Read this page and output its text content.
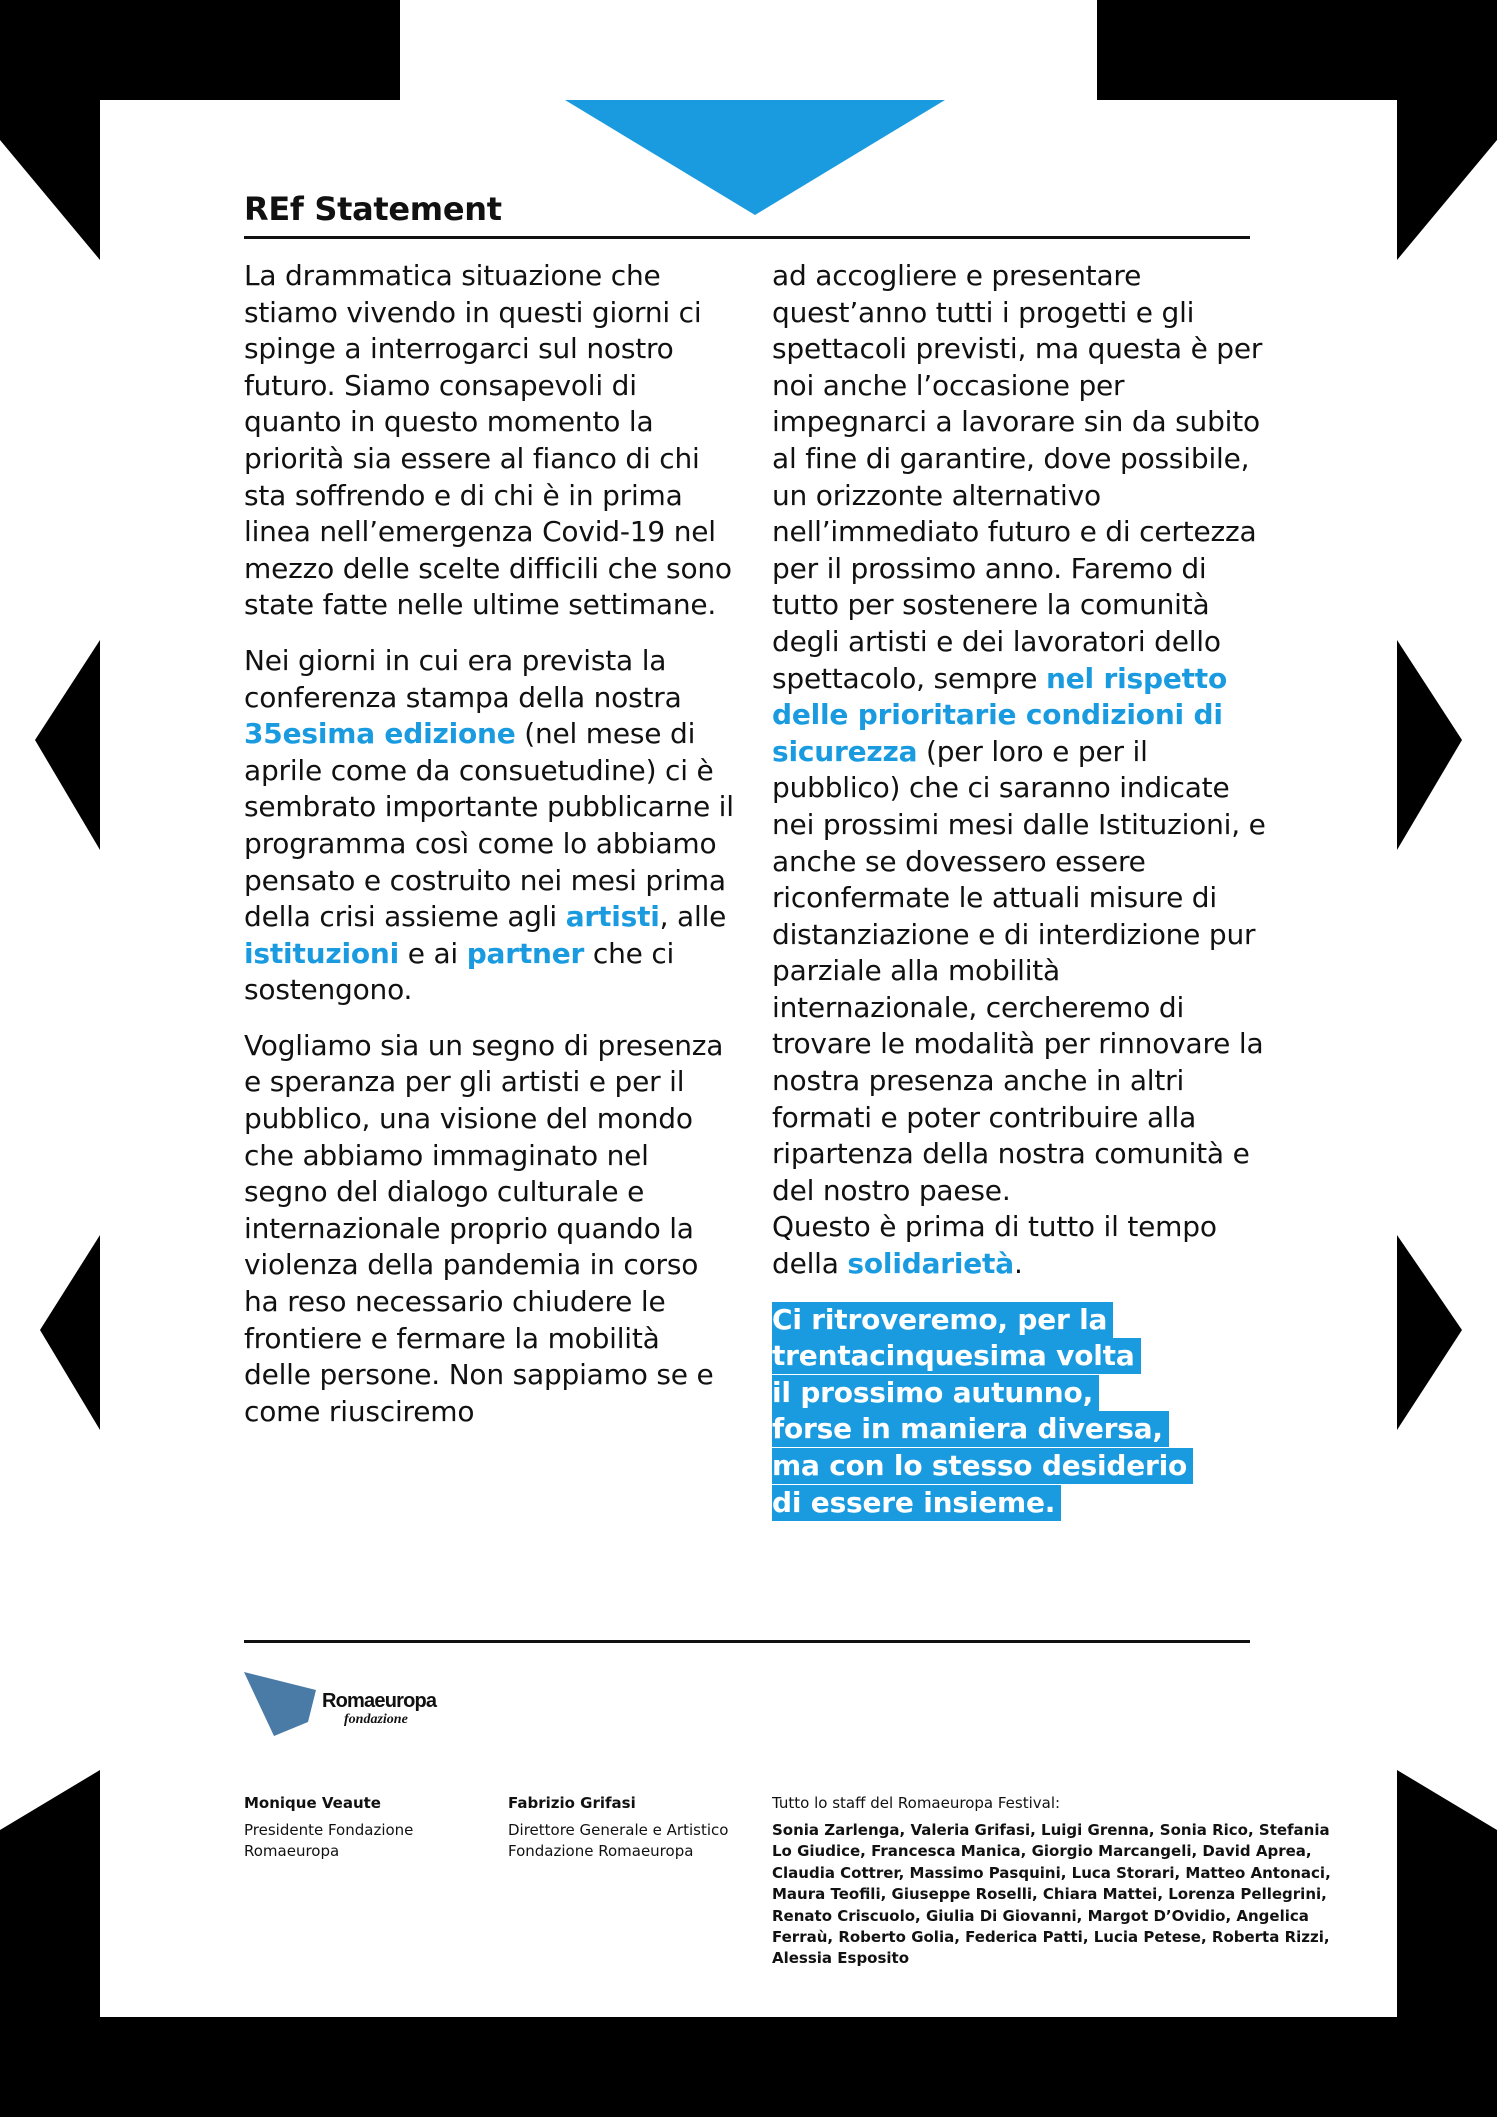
REf Statement

La drammatica situazione che stiamo vivendo in questi giorni ci spinge a interrogarci sul nostro futuro. Siamo consapevoli di quanto in questo momento la priorità sia essere al fianco di chi sta soffrendo e di chi è in prima linea nell’emergenza Covid-19 nel mezzo delle scelte difficili che sono state fatte nelle ultime settimane.

Nei giorni in cui era prevista la conferenza stampa della nostra 35esima edizione (nel mese di aprile come da consuetudine) ci è sembrato importante pubblicarne il programma così come lo abbiamo pensato e costruito nei mesi prima della crisi assieme agli artisti, alle istituzioni e ai partner che ci sostengono.

Vogliamo sia un segno di presenza e speranza per gli artisti e per il pubblico, una visione del mondo che abbiamo immaginato nel segno del dialogo culturale e internazionale proprio quando la violenza della pandemia in corso ha reso necessario chiudere le frontiere e fermare la mobilità delle persone. Non sappiamo se e come riusciremo

ad accogliere e presentare quest’anno tutti i progetti e gli spettacoli previsti, ma questa è per noi anche l’occasione per impegnarci a lavorare sin da subito al fine di garantire, dove possibile, un orizzonte alternativo nell’immediato futuro e di certezza per il prossimo anno. Faremo di tutto per sostenere la comunità degli artisti e dei lavoratori dello spettacolo, sempre nel rispetto delle prioritarie condizioni di sicurezza (per loro e per il pubblico) che ci saranno indicate nei prossimi mesi dalle Istituzioni, e anche se dovessero essere riconfermate le attuali misure di distanziazione e di interdizione pur parziale alla mobilità internazionale, cercheremo di trovare le modalità per rinnovare la nostra presenza anche in altri formati e poter contribuire alla ripartenza della nostra comunità e del nostro paese.
Questo è prima di tutto il tempo della solidarietà.

Ci ritroveremo, per la
trentacinquesima volta
il prossimo autunno,
forse in maniera diversa,
ma con lo stesso desiderio
di essere insieme.
Romaeuropa
fondazione
Monique Veaute
Presidente Fondazione Romaeuropa
Fabrizio Grifasi
Direttore Generale e Artistico Fondazione Romaeuropa
Tutto lo staff del Romaeuropa Festival:
Sonia Zarlenga, Valeria Grifasi, Luigi Grenna, Sonia Rico, Stefania Lo Giudice, Francesca Manica, Giorgio Marcangeli, David Aprea, Claudia Cottrer, Massimo Pasquini, Luca Storari, Matteo Antonaci, Maura Teofili, Giuseppe Roselli, Chiara Mattei, Lorenza Pellegrini, Renato Criscuolo, Giulia Di Giovanni, Margot D’Ovidio, Angelica Ferraù, Roberto Golia, Federica Patti, Lucia Petese, Roberta Rizzi, Alessia Esposito
